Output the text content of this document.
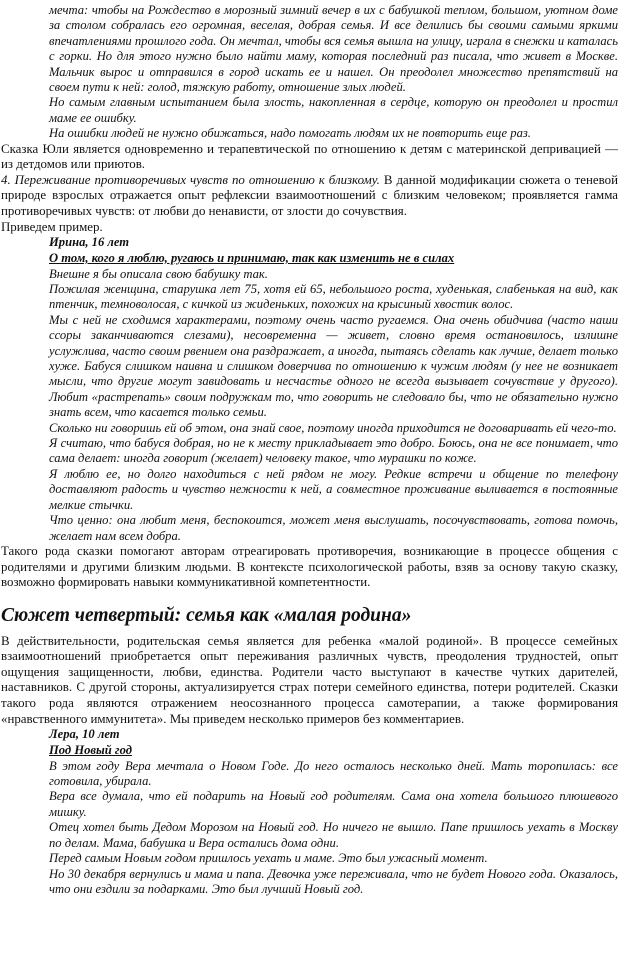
мечта: чтобы на Рождество в морозный зимний вечер в их с бабушкой теплом, большом, уютном доме за столом собралась его огромная, веселая, добрая семья. И все делились бы своими самыми яркими впечатлениями прошлого года. Он мечтал, чтобы вся семья вышла на улицу, играла в снежки и каталась с горки. Но для этого нужно было найти маму, которая последний раз писала, что живет в Москве. Мальчик вырос и отправился в город искать ее и нашел. Он преодолел множество препятствий на своем пути к ней: голод, тяжкую работу, отношение злых людей.

Но самым главным испытанием была злость, накопленная в сердце, которую он преодолел и простил маме ее ошибку.

На ошибки людей не нужно обижаться, надо помогать людям их не повторить еще раз.

Сказка Юли является одновременно и терапевтической по отношению к детям с материнской депривацией — из детдомов или приютов.

4. Переживание противоречивых чувств по отношению к близкому. В данной модификации сюжета о теневой природе взрослых отражается опыт рефлексии взаимоотношений с близким человеком; проявляется гамма противоречивых чувств: от любви до ненависти, от злости до сочувствия.

Приведем пример.

Ирина, 16 лет

О том, кого я люблю, ругаюсь и принимаю, так как изменить не в силах

Внешне я бы описала свою бабушку так.

Пожилая женщина, старушка лет 75, хотя ей 65, небольшого роста, худенькая, слабенькая на вид, как птенчик, темноволосая, с кичкой из жиденьких, похожих на крысиный хвостик волос.

Мы с ней не сходимся характерами, поэтому очень часто ругаемся. Она очень обидчива (часто наши ссоры заканчиваются слезами), несовременна — живет, словно время остановилось, излишне услужлива, часто своим рвением она раздражает, а иногда, пытаясь сделать как лучше, делает только хуже. Бабуся слишком наивна и слишком доверчива по отношению к чужим людям (у нее не возникает мысли, что другие могут завидовать и несчастье одного не всегда вызывает сочувствие у другого). Любит «растрепать» своим подружкам то, что говорить не следовало бы, что не обязательно нужно знать всем, что касается только семьи.

Сколько ни говоришь ей об этом, она знай свое, поэтому иногда приходится не договаривать ей чего-то.

Я считаю, что бабуся добрая, но не к месту прикладывает это добро. Боюсь, она не все понимает, что сама делает: иногда говорит (желает) человеку такое, что мурашки по коже.

Я люблю ее, но долго находиться с ней рядом не могу. Редкие встречи и общение по телефону доставляют радость и чувство нежности к ней, а совместное проживание выливается в постоянные мелкие стычки.

Что ценно: она любит меня, беспокоится, может меня выслушать, посочувствовать, готова помочь, желает нам всем добра.

Такого рода сказки помогают авторам отреагировать противоречия, возникающие в процессе общения с родителями и другими близким людьми. В контексте психологической работы, взяв за основу такую сказку, возможно формировать навыки коммуникативной компетентности.

Сюжет четвертый: семья как «малая родина»

В действительности, родительская семья является для ребенка «малой родиной». В процессе семейных взаимоотношений приобретается опыт переживания различных чувств, преодоления трудностей, опыт ощущения защищенности, любви, единства. Родители часто выступают в качестве чутких дарителей, наставников. С другой стороны, актуализируется страх потери семейного единства, потери родителей. Сказки такого рода являются отражением неосознанного процесса самотерапии, а также формирования «нравственного иммунитета». Мы приведем несколько примеров без комментариев.

Лера, 10 лет

Под Новый год

В этом году Вера мечтала о Новом Годе. До него осталось несколько дней. Мать торопилась: все готовила, убирала.

Вера все думала, что ей подарить на Новый год родителям. Сама она хотела большого плюшевого мишку.

Отец хотел быть Дедом Морозом на Новый год. Но ничего не вышло. Папе пришлось уехать в Москву по делам. Мама, бабушка и Вера остались дома одни.

Перед самым Новым годом пришлось уехать и маме. Это был ужасный момент.

Но 30 декабря вернулись и мама и папа. Девочка уже переживала, что не будет Нового года. Оказалось, что они ездили за подарками. Это был лучший Новый год.
